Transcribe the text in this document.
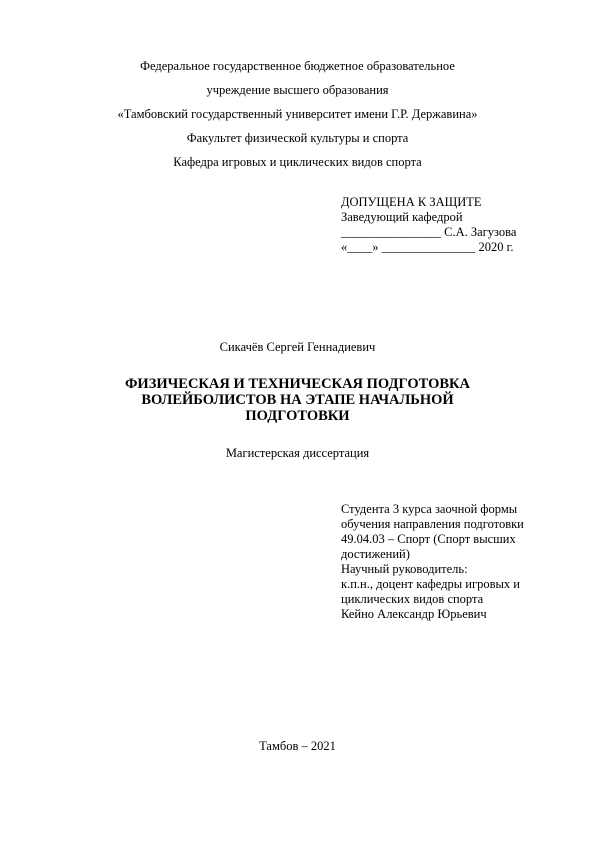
Федеральное государственное бюджетное образовательное
учреждение высшего образования
«Тамбовский государственный университет имени Г.Р. Державина»
Факультет физической культуры и спорта
Кафедра игровых и циклических видов спорта
ДОПУЩЕНА К ЗАЩИТЕ
Заведующий кафедрой
________________ С.А. Загузова
«____» _______________ 2020 г.
Сикачёв Сергей Геннадиевич
ФИЗИЧЕСКАЯ И ТЕХНИЧЕСКАЯ ПОДГОТОВКА
ВОЛЕЙБОЛИСТОВ НА ЭТАПЕ НАЧАЛЬНОЙ
ПОДГОТОВКИ
Магистерская диссертация
Студента 3 курса заочной формы
обучения направления подготовки
49.04.03 – Спорт (Спорт высших
достижений)
Научный руководитель:
к.п.н., доцент кафедры игровых и
циклических видов спорта
Кейно Александр Юрьевич
Тамбов – 2021
